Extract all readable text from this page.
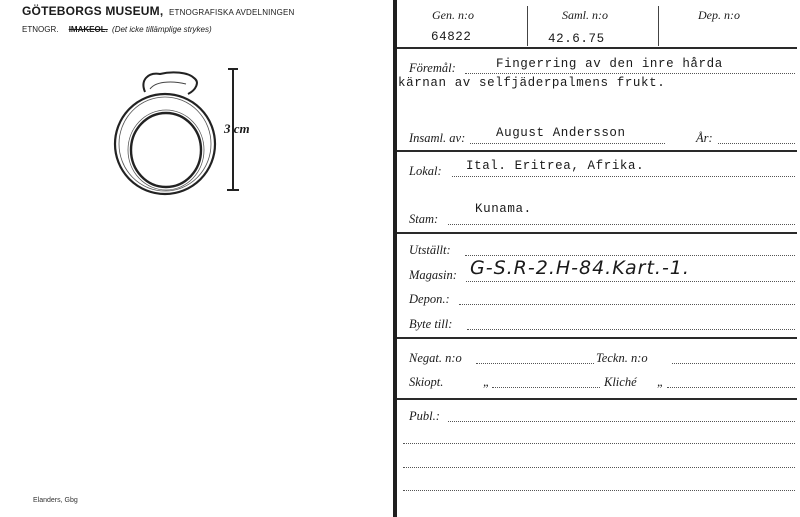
GÖTEBORGS MUSEUM, ETNOGRAFISKA AVDELNINGEN
ETNOGR. IMAKEOL. (Det icke tillämplige strykes)
3 cm
Elanders, Gbg
Gen. n:o	Saml. n:o	Dep. n:o
64822	42.6.75
Föremål:	Fingerring av den inre hårda
kärnan av selfjäderpalmens frukt.
Insaml. av: August Andersson	År:
Lokal: Ital. Eritrea, Afrika.
Stam:
Kunama.
Utställt:
Magasin: G-S.R-2.H-84.Kart.-1.
Depon.:
Byte till:
Negat. n:o	Teckn. n:o
Skiopt.	„	Kliché „
Publ.:
